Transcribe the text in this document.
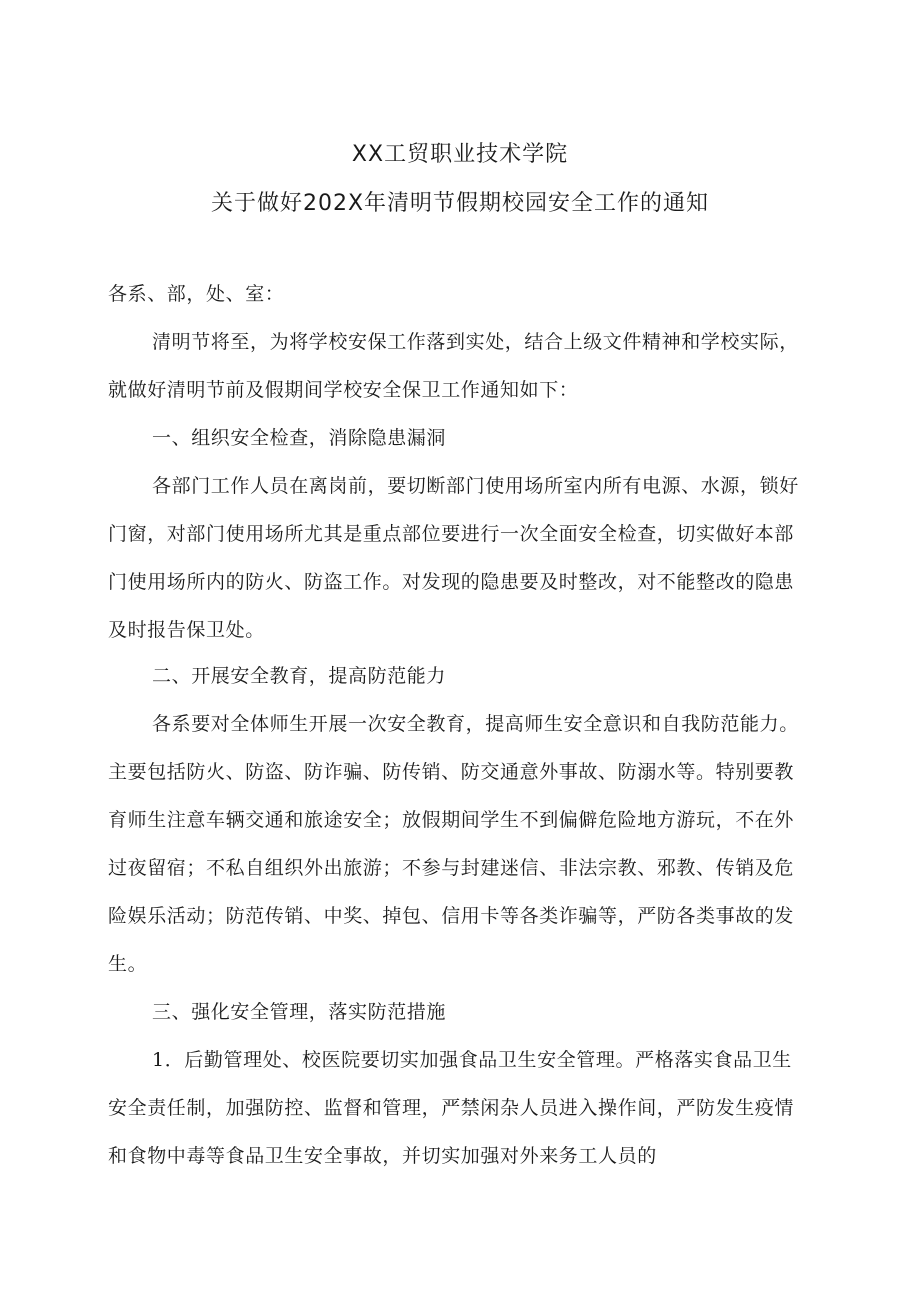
XX工贸职业技术学院
关于做好202X年清明节假期校园安全工作的通知
各系、部，处、室：
清明节将至，为将学校安保工作落到实处，结合上级文件精神和学校实际，
就做好清明节前及假期间学校安全保卫工作通知如下：
一、组织安全检查，消除隐患漏洞
各部门工作人员在离岗前，要切断部门使用场所室内所有电源、水源，锁好
门窗，对部门使用场所尤其是重点部位要进行一次全面安全检查，切实做好本部
门使用场所内的防火、防盗工作。对发现的隐患要及时整改，对不能整改的隐患
及时报告保卫处。
二、开展安全教育，提高防范能力
各系要对全体师生开展一次安全教育，提高师生安全意识和自我防范能力。
主要包括防火、防盗、防诈骗、防传销、防交通意外事故、防溺水等。特别要教
育师生注意车辆交通和旅途安全；放假期间学生不到偏僻危险地方游玩，不在外
过夜留宿；不私自组织外出旅游；不参与封建迷信、非法宗教、邪教、传销及危
险娱乐活动；防范传销、中奖、掉包、信用卡等各类诈骗等，严防各类事故的发
生。
三、强化安全管理，落实防范措施
1．后勤管理处、校医院要切实加强食品卫生安全管理。严格落实食品卫生
安全责任制，加强防控、监督和管理，严禁闲杂人员进入操作间，严防发生疫情
和食物中毒等食品卫生安全事故，并切实加强对外来务工人员的
